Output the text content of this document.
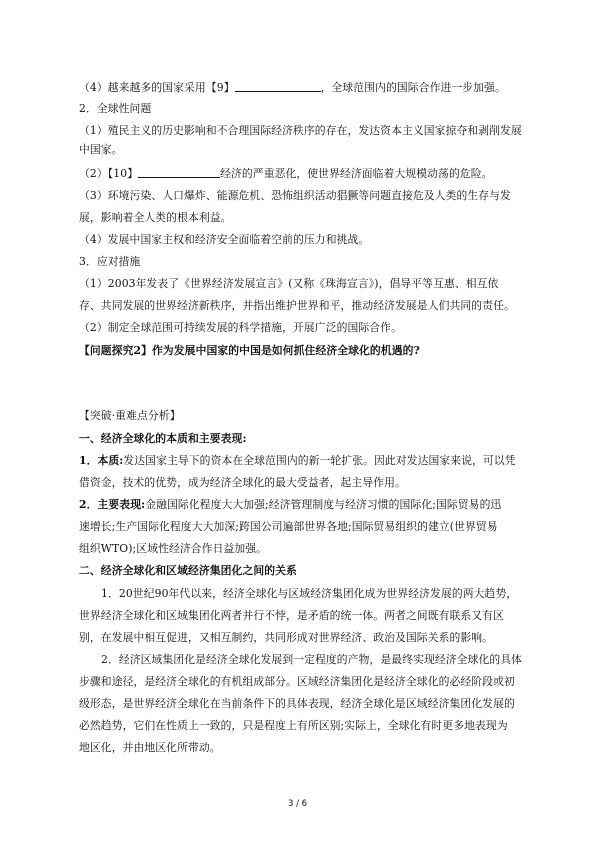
（4）越来越多的国家采用【9】	，全球范围内的国际合作进一步加强。
2．全球性问题
（1）殖民主义的历史影响和不合理国际经济秩序的存在，发达资本主义国家掠夺和剥削发展
中国家。
（2）【10】	经济的严重恶化，使世界经济面临着大规模动荡的危险。
（3）环境污染、人口爆炸、能源危机、恐怖组织活动猖獗等问题直接危及人类的生存与发
展，影响着全人类的根本利益。
（4）发展中国家主权和经济安全面临着空前的压力和挑战。
3．应对措施
（1）2003年发表了《世界经济发展宣言》(又称《珠海宣言》)，倡导平等互惠、相互依
存、共同发展的世界经济新秩序，并指出维护世界和平，推动经济发展是人们共同的责任。
（2）制定全球范围可持续发展的科学措施，开展广泛的国际合作。
【问题探究2】作为发展中国家的中国是如何抓住经济全球化的机遇的?
【突破·重难点分析】
一、经济全球化的本质和主要表现:
1．本质:发达国家主导下的资本在全球范围内的新一轮扩张。因此对发达国家来说，可以凭
借资金，技术的优势，成为经济全球化的最大受益者，起主导作用。
2．主要表现:金融国际化程度大大加强;经济管理制度与经济习惯的国际化;国际贸易的迅
速增长;生产国际化程度大大加深;跨国公司遍部世界各地;国际贸易组织的建立(世界贸易
组织WTO);区域性经济合作日益加强。
二、经济全球化和区域经济集团化之间的关系
1．20世纪90年代以来，经济全球化与区域经济集团化成为世界经济发展的两大趋势，
世界经济全球化和区域集团化两者并行不悖，是矛盾的统一体。两者之间既有联系又有区
别，在发展中相互促进，又相互制约，共同形成对世界经济、政治及国际关系的影响。
2．经济区域集团化是经济全球化发展到一定程度的产物，是最终实现经济全球化的具体
步骤和途径，是经济全球化的有机组成部分。区域经济集团化是经济全球化的必经阶段或初
级形态，是世界经济全球化在当前条件下的具体表现，经济全球化是区域经济集团化发展的
必然趋势，它们在性质上一致的，只是程度上有所区别;实际上，全球化有时更多地表现为
地区化，并由地区化所带动。
3 / 6
